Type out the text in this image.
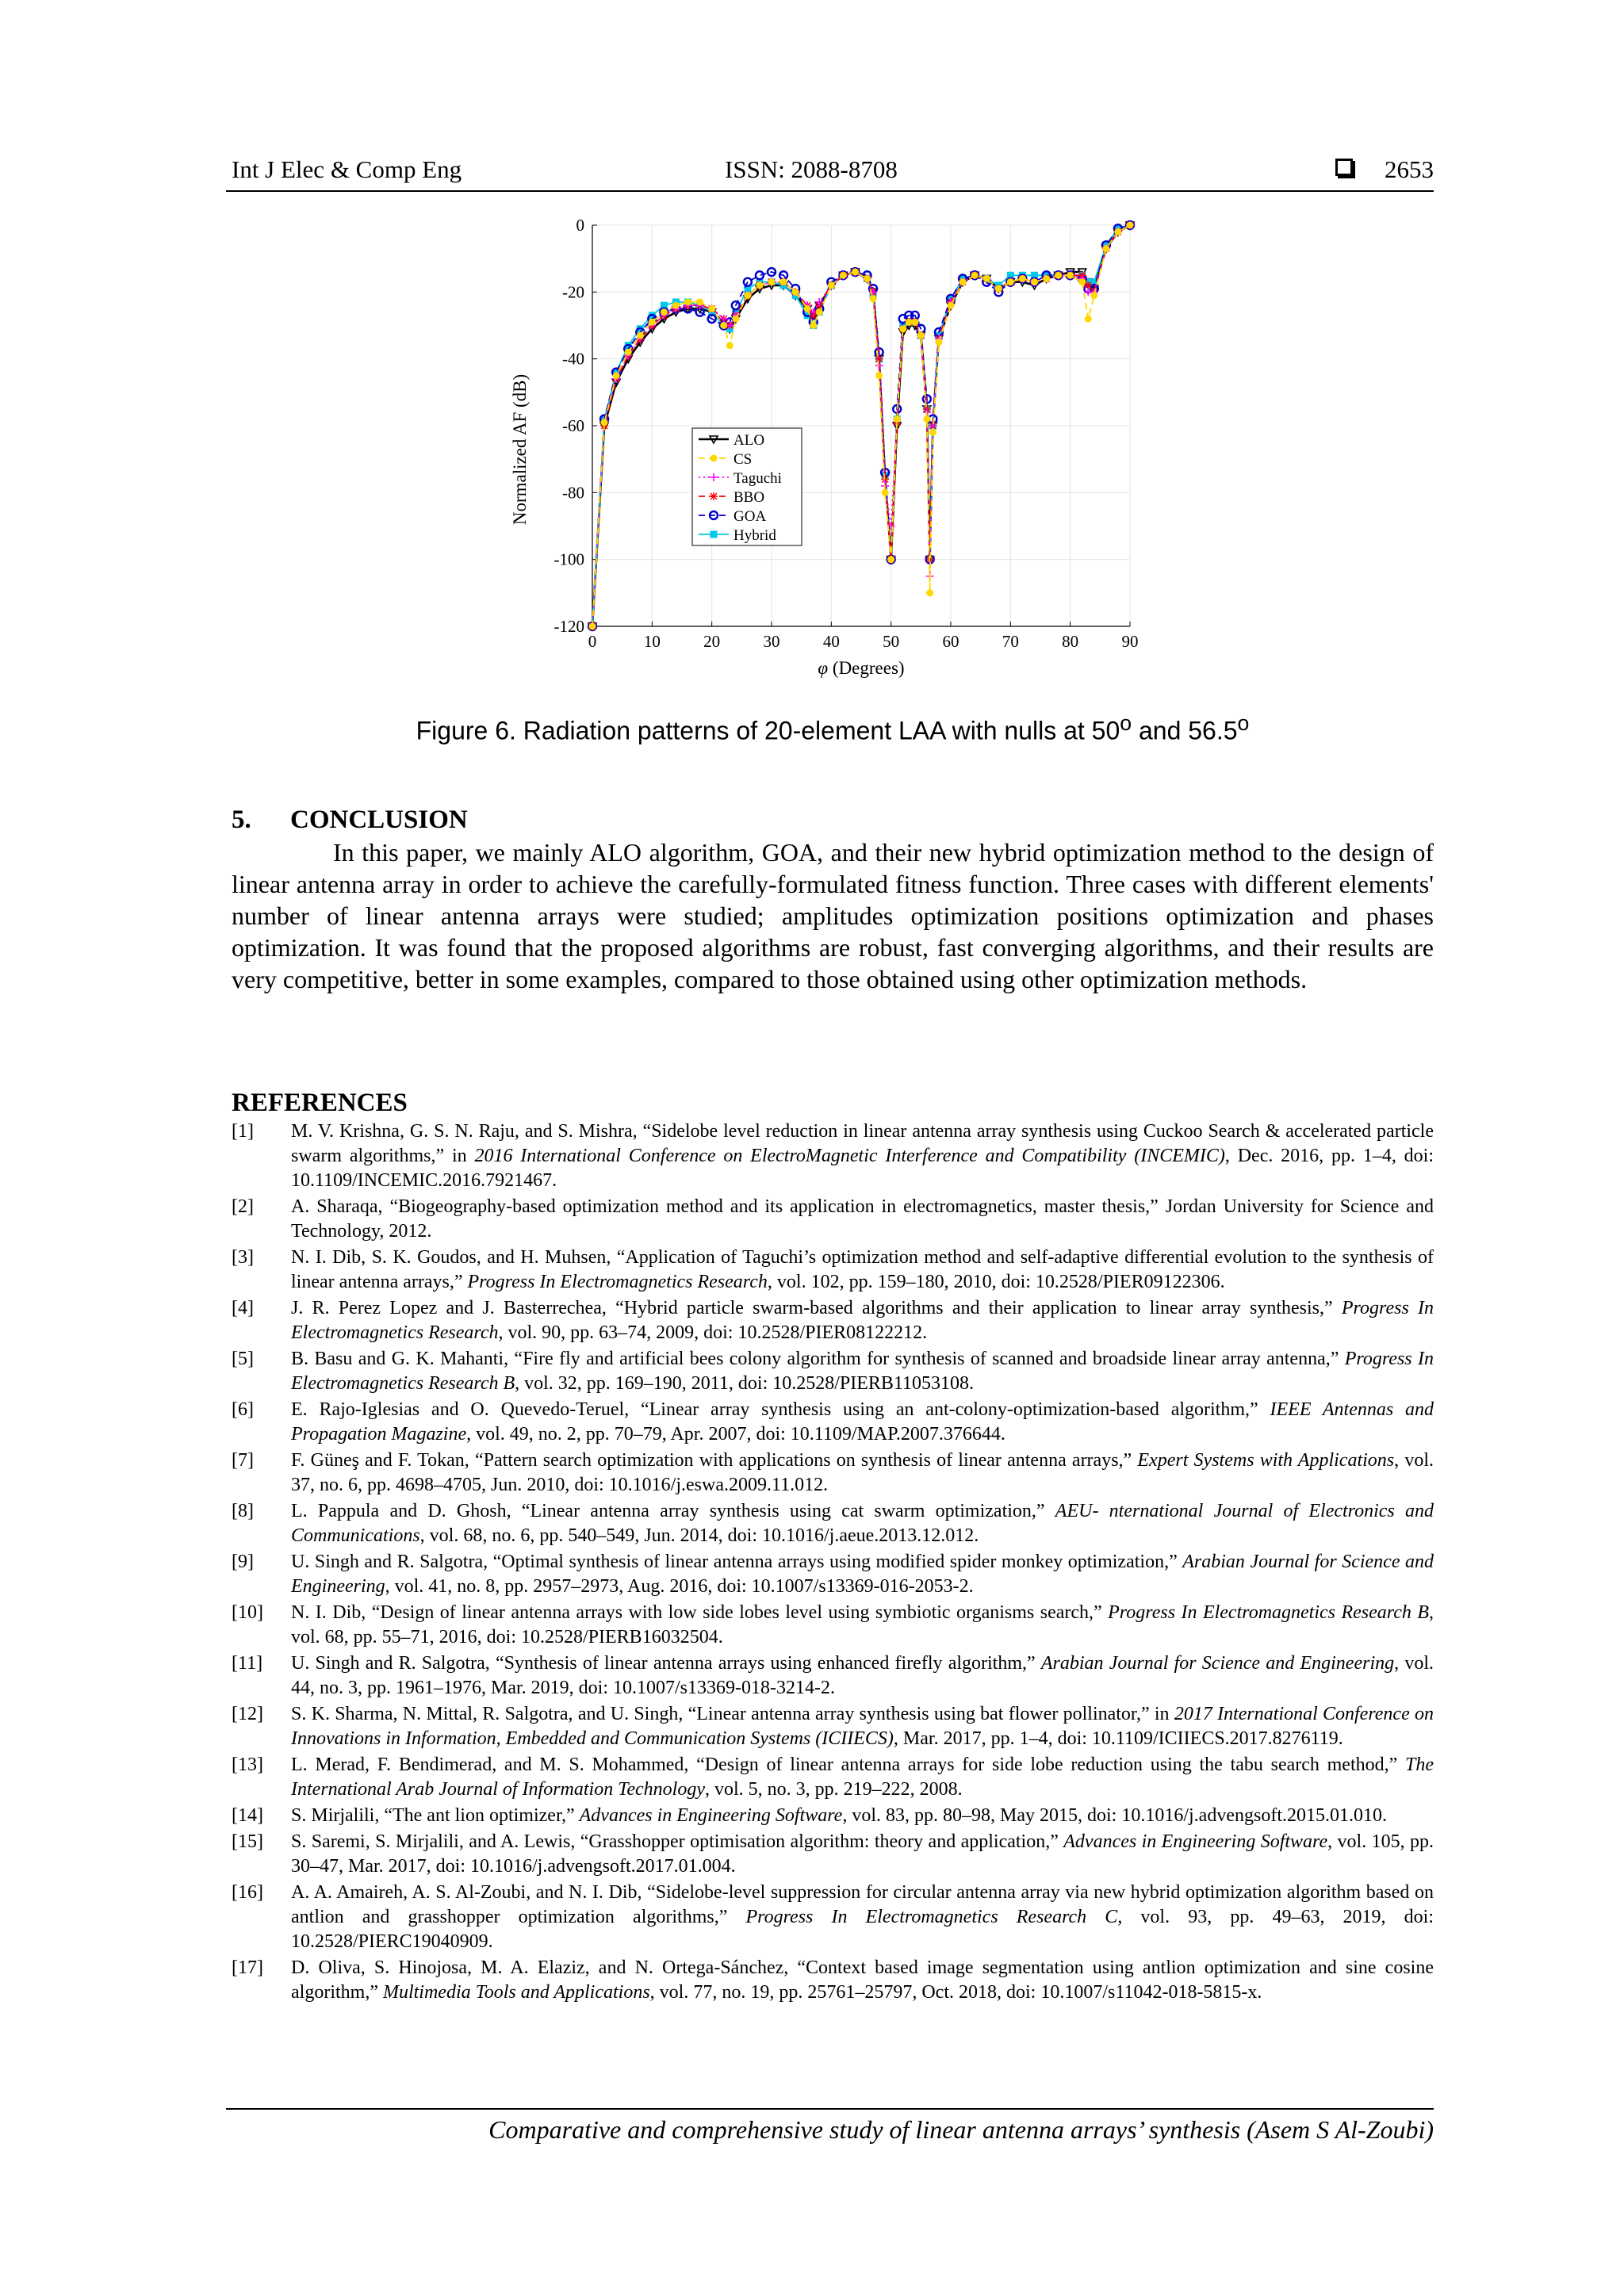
Int J Elec & Comp Eng	ISSN: 2088-8708	2653
0	10	20	30	40	50	60	70	80	90
0
-20
-40
-60
-80
-100
-120
φ (Degrees)
Normalized AF (dB)	ALO
CS
Taguchi
BBO
GOA
Hybrid
Figure 6. Radiation patterns of 20-element LAA with nulls at 50$^o$ and 56.5$^o$
5. CONCLUSION

In this paper, we mainly ALO algorithm, GOA, and their new hybrid optimization method to the design of linear antenna array in order to achieve the carefully-formulated fitness function. Three cases with different elements' number of linear antenna arrays were studied; amplitudes optimization positions optimization and phases optimization. It was found that the proposed algorithms are robust, fast converging algorithms, and their results are very competitive, better in some examples, compared to those obtained using other optimization methods.

REFERENCES

[1] M. V. Krishna, G. S. N. Raju, and S. Mishra, “Sidelobe level reduction in linear antenna array synthesis using Cuckoo Search & accelerated particle swarm algorithms,” in 2016 International Conference on ElectroMagnetic Interference and Compatibility (INCEMIC), Dec. 2016, pp. 1–4, doi: 10.1109/INCEMIC.2016.7921467.

[2] A. Sharaqa, “Biogeography-based optimization method and its application in electromagnetics, master thesis,” Jordan University for Science and Technology, 2012.

[3] N. I. Dib, S. K. Goudos, and H. Muhsen, “Application of Taguchi’s optimization method and self-adaptive differential evolution to the synthesis of linear antenna arrays,” Progress In Electromagnetics Research, vol. 102, pp. 159–180, 2010, doi: 10.2528/PIER09122306.

[4] J. R. Perez Lopez and J. Basterrechea, “Hybrid particle swarm-based algorithms and their application to linear array synthesis,” Progress In Electromagnetics Research, vol. 90, pp. 63–74, 2009, doi: 10.2528/PIER08122212.

[5] B. Basu and G. K. Mahanti, “Fire fly and artificial bees colony algorithm for synthesis of scanned and broadside linear array antenna,” Progress In Electromagnetics Research B, vol. 32, pp. 169–190, 2011, doi: 10.2528/PIERB11053108.

[6] E. Rajo-Iglesias and O. Quevedo-Teruel, “Linear array synthesis using an ant-colony-optimization-based algorithm,” IEEE Antennas and Propagation Magazine, vol. 49, no. 2, pp. 70–79, Apr. 2007, doi: 10.1109/MAP.2007.376644.

[7] F. Güneş and F. Tokan, “Pattern search optimization with applications on synthesis of linear antenna arrays,” Expert Systems with Applications, vol. 37, no. 6, pp. 4698–4705, Jun. 2010, doi: 10.1016/j.eswa.2009.11.012.

[8] L. Pappula and D. Ghosh, “Linear antenna array synthesis using cat swarm optimization,” AEU- nternational Journal of Electronics and Communications, vol. 68, no. 6, pp. 540–549, Jun. 2014, doi: 10.1016/j.aeue.2013.12.012.

[9] U. Singh and R. Salgotra, “Optimal synthesis of linear antenna arrays using modified spider monkey optimization,” Arabian Journal for Science and Engineering, vol. 41, no. 8, pp. 2957–2973, Aug. 2016, doi: 10.1007/s13369-016-2053-2.

[10] N. I. Dib, “Design of linear antenna arrays with low side lobes level using symbiotic organisms search,” Progress In Electromagnetics Research B, vol. 68, pp. 55–71, 2016, doi: 10.2528/PIERB16032504.

[11] U. Singh and R. Salgotra, “Synthesis of linear antenna arrays using enhanced firefly algorithm,” Arabian Journal for Science and Engineering, vol. 44, no. 3, pp. 1961–1976, Mar. 2019, doi: 10.1007/s13369-018-3214-2.

[12] S. K. Sharma, N. Mittal, R. Salgotra, and U. Singh, “Linear antenna array synthesis using bat flower pollinator,” in 2017 International Conference on Innovations in Information, Embedded and Communication Systems (ICIIECS), Mar. 2017, pp. 1–4, doi: 10.1109/ICIIECS.2017.8276119.

[13] L. Merad, F. Bendimerad, and M. S. Mohammed, “Design of linear antenna arrays for side lobe reduction using the tabu search method,” The International Arab Journal of Information Technology, vol. 5, no. 3, pp. 219–222, 2008.

[14] S. Mirjalili, “The ant lion optimizer,” Advances in Engineering Software, vol. 83, pp. 80–98, May 2015, doi: 10.1016/j.advengsoft.2015.01.010.

[15] S. Saremi, S. Mirjalili, and A. Lewis, “Grasshopper optimisation algorithm: theory and application,” Advances in Engineering Software, vol. 105, pp. 30–47, Mar. 2017, doi: 10.1016/j.advengsoft.2017.01.004.

[16] A. A. Amaireh, A. S. Al-Zoubi, and N. I. Dib, “Sidelobe-level suppression for circular antenna array via new hybrid optimization algorithm based on antlion and grasshopper optimization algorithms,” Progress In Electromagnetics Research C, vol. 93, pp. 49–63, 2019, doi: 10.2528/PIERC19040909.

[17] D. Oliva, S. Hinojosa, M. A. Elaziz, and N. Ortega-Sánchez, “Context based image segmentation using antlion optimization and sine cosine algorithm,” Multimedia Tools and Applications, vol. 77, no. 19, pp. 25761–25797, Oct. 2018, doi: 10.1007/s11042-018-5815-x.

Comparative and comprehensive study of linear antenna arrays’ synthesis (Asem S Al-Zoubi)
